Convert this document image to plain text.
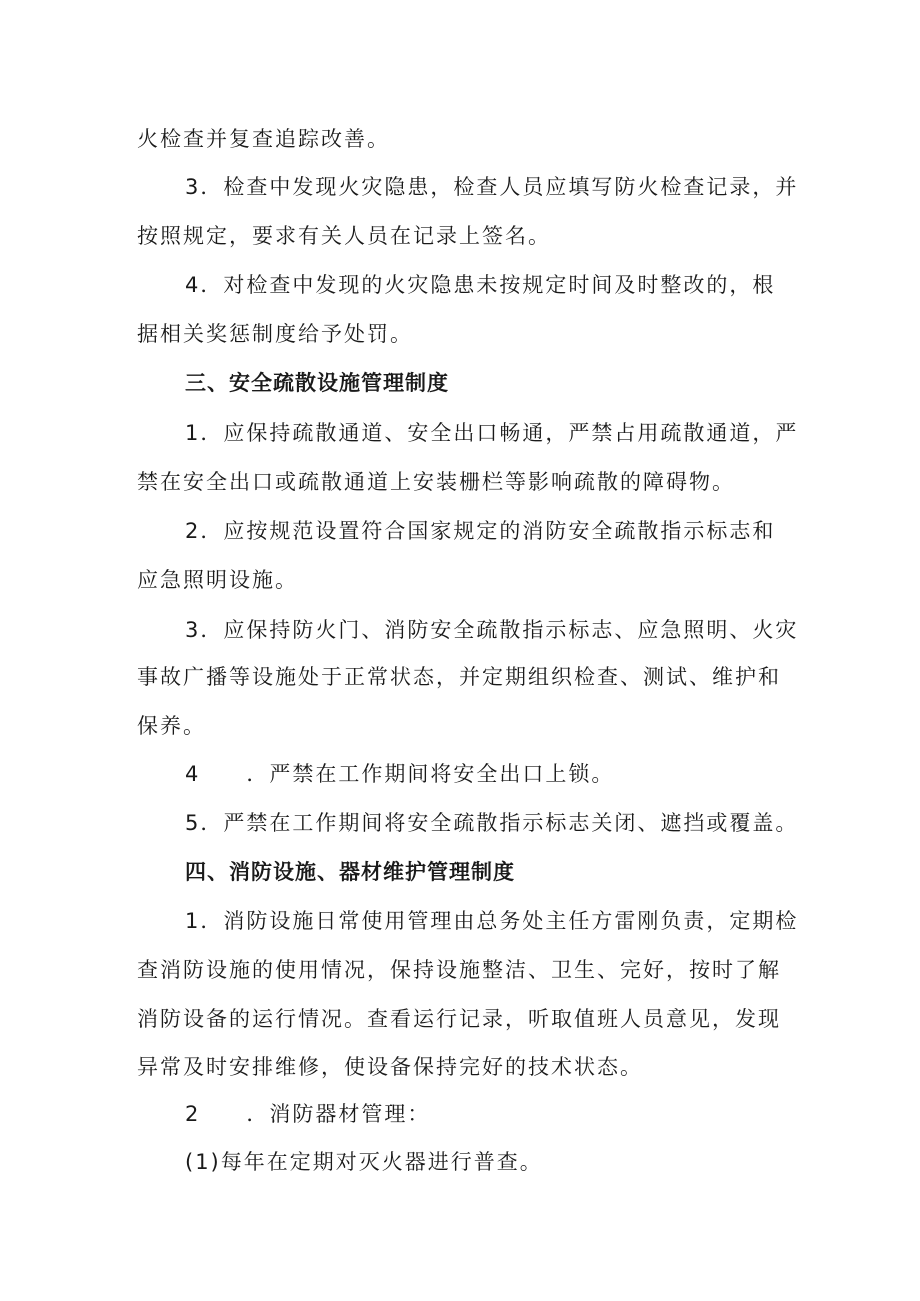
火检查并复查追踪改善。
3．检查中发现火灾隐患，检查人员应填写防火检查记录，并
按照规定，要求有关人员在记录上签名。
4．对检查中发现的火灾隐患未按规定时间及时整改的，根
据相关奖惩制度给予处罚。
三、安全疏散设施管理制度
1．应保持疏散通道、安全出口畅通，严禁占用疏散通道，严
禁在安全出口或疏散通道上安装栅栏等影响疏散的障碍物。
2．应按规范设置符合国家规定的消防安全疏散指示标志和
应急照明设施。
3．应保持防火门、消防安全疏散指示标志、应急照明、火灾
事故广播等设施处于正常状态，并定期组织检查、测试、维护和
保养。
4　　．严禁在工作期间将安全出口上锁。
5．严禁在工作期间将安全疏散指示标志关闭、遮挡或覆盖。
四、消防设施、器材维护管理制度
1．消防设施日常使用管理由总务处主任方雷刚负责，定期检
查消防设施的使用情况，保持设施整洁、卫生、完好，按时了解
消防设备的运行情况。查看运行记录，听取值班人员意见，发现
异常及时安排维修，使设备保持完好的技术状态。
2　　．消防器材管理：
(1)每年在定期对灭火器进行普查。
